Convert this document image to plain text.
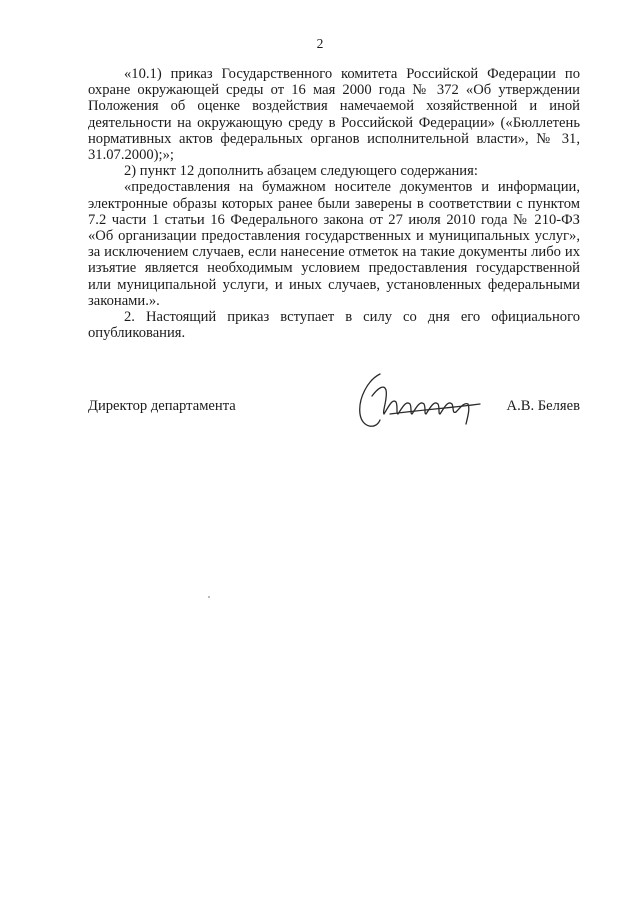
2

«10.1) приказ Государственного комитета Российской Федерации по охране окружающей среды от 16 мая 2000 года № 372 «Об утверждении Положения об оценке воздействия намечаемой хозяйственной и иной деятельности на окружающую среду в Российской Федерации» («Бюллетень нормативных актов федеральных органов исполнительной власти», № 31, 31.07.2000);»;

2) пункт 12 дополнить абзацем следующего содержания:

«предоставления на бумажном носителе документов и информации, электронные образы которых ранее были заверены в соответствии с пунктом 7.2 части 1 статьи 16 Федерального закона от 27 июля 2010 года № 210-ФЗ «Об организации предоставления государственных и муниципальных услуг», за исключением случаев, если нанесение отметок на такие документы либо их изъятие является необходимым условием предоставления государственной или муниципальной услуги, и иных случаев, установленных федеральными законами.».

2. Настоящий приказ вступает в силу со дня его официального опубликования.

Директор департамента	А.В. Беляев
